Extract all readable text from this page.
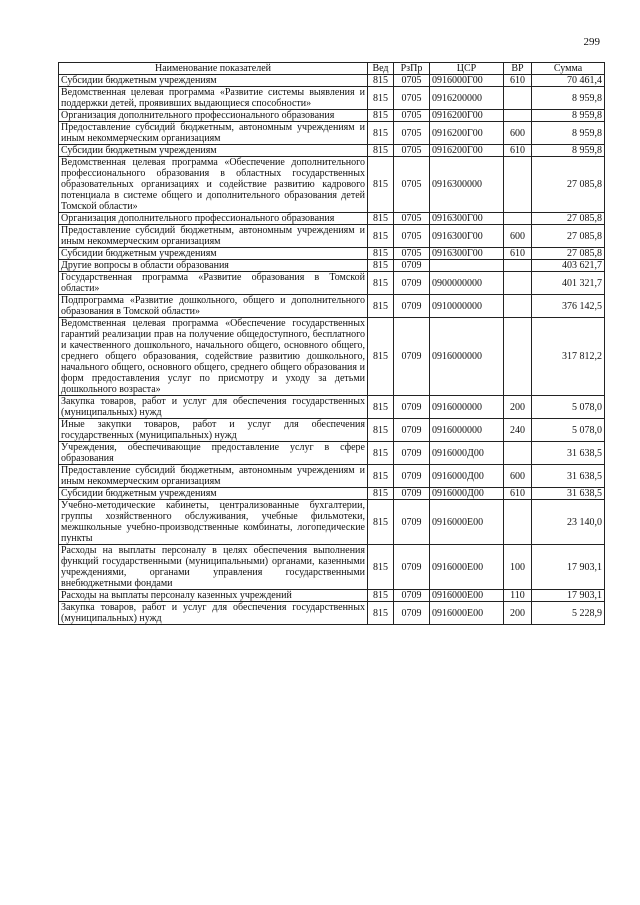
299
Наименование показателей	Вед	РзПр	ЦСР	ВР	Сумма
Субсидии бюджетным учреждениям	815	0705	0916000Г00	610	70 461,4
Ведомственная целевая программа «Развитие системы выявления и поддержки детей, проявивших выдающиеся способности»	815	0705	0916200000		8 959,8
Организация дополнительного профессионального образования	815	0705	0916200Г00		8 959,8
Предоставление субсидий бюджетным, автономным учреждениям и иным некоммерческим организациям	815	0705	0916200Г00	600	8 959,8
Субсидии бюджетным учреждениям	815	0705	0916200Г00	610	8 959,8
Ведомственная целевая программа «Обеспечение дополнительного профессионального образования в областных государственных образовательных организациях и содействие развитию кадрового потенциала в системе общего и дополнительного образования детей Томской области»	815	0705	0916300000		27 085,8
Организация дополнительного профессионального образования	815	0705	0916300Г00		27 085,8
Предоставление субсидий бюджетным, автономным учреждениям и иным некоммерческим организациям	815	0705	0916300Г00	600	27 085,8
Субсидии бюджетным учреждениям	815	0705	0916300Г00	610	27 085,8
Другие вопросы в области образования	815	0709			403 621,7
Государственная программа «Развитие образования в Томской области»	815	0709	0900000000		401 321,7
Подпрограмма «Развитие дошкольного, общего и дополнительного образования в Томской области»	815	0709	0910000000		376 142,5
Ведомственная целевая программа «Обеспечение государственных гарантий реализации прав на получение общедоступного, бесплатного и качественного дошкольного, начального общего, основного общего, среднего общего образования, содействие развитию дошкольного, начального общего, основного общего, среднего общего образования и форм предоставления услуг по присмотру и уходу за детьми дошкольного возраста»	815	0709	0916000000		317 812,2
Закупка товаров, работ и услуг для обеспечения государственных (муниципальных) нужд	815	0709	0916000000	200	5 078,0
Иные закупки товаров, работ и услуг для обеспечения государственных (муниципальных) нужд	815	0709	0916000000	240	5 078,0
Учреждения, обеспечивающие предоставление услуг в сфере образования	815	0709	0916000Д00		31 638,5
Предоставление субсидий бюджетным, автономным учреждениям и иным некоммерческим организациям	815	0709	0916000Д00	600	31 638,5
Субсидии бюджетным учреждениям	815	0709	0916000Д00	610	31 638,5
Учебно-методические кабинеты, централизованные бухгалтерии, группы хозяйственного обслуживания, учебные фильмотеки, межшкольные учебно-производственные комбинаты, логопедические пункты	815	0709	0916000Е00		23 140,0
Расходы на выплаты персоналу в целях обеспечения выполнения функций государственными (муниципальными) органами, казенными учреждениями, органами управления государственными внебюджетными фондами	815	0709	0916000Е00	100	17 903,1
Расходы на выплаты персоналу казенных учреждений	815	0709	0916000Е00	110	17 903,1
Закупка товаров, работ и услуг для обеспечения государственных (муниципальных) нужд	815	0709	0916000Е00	200	5 228,9
